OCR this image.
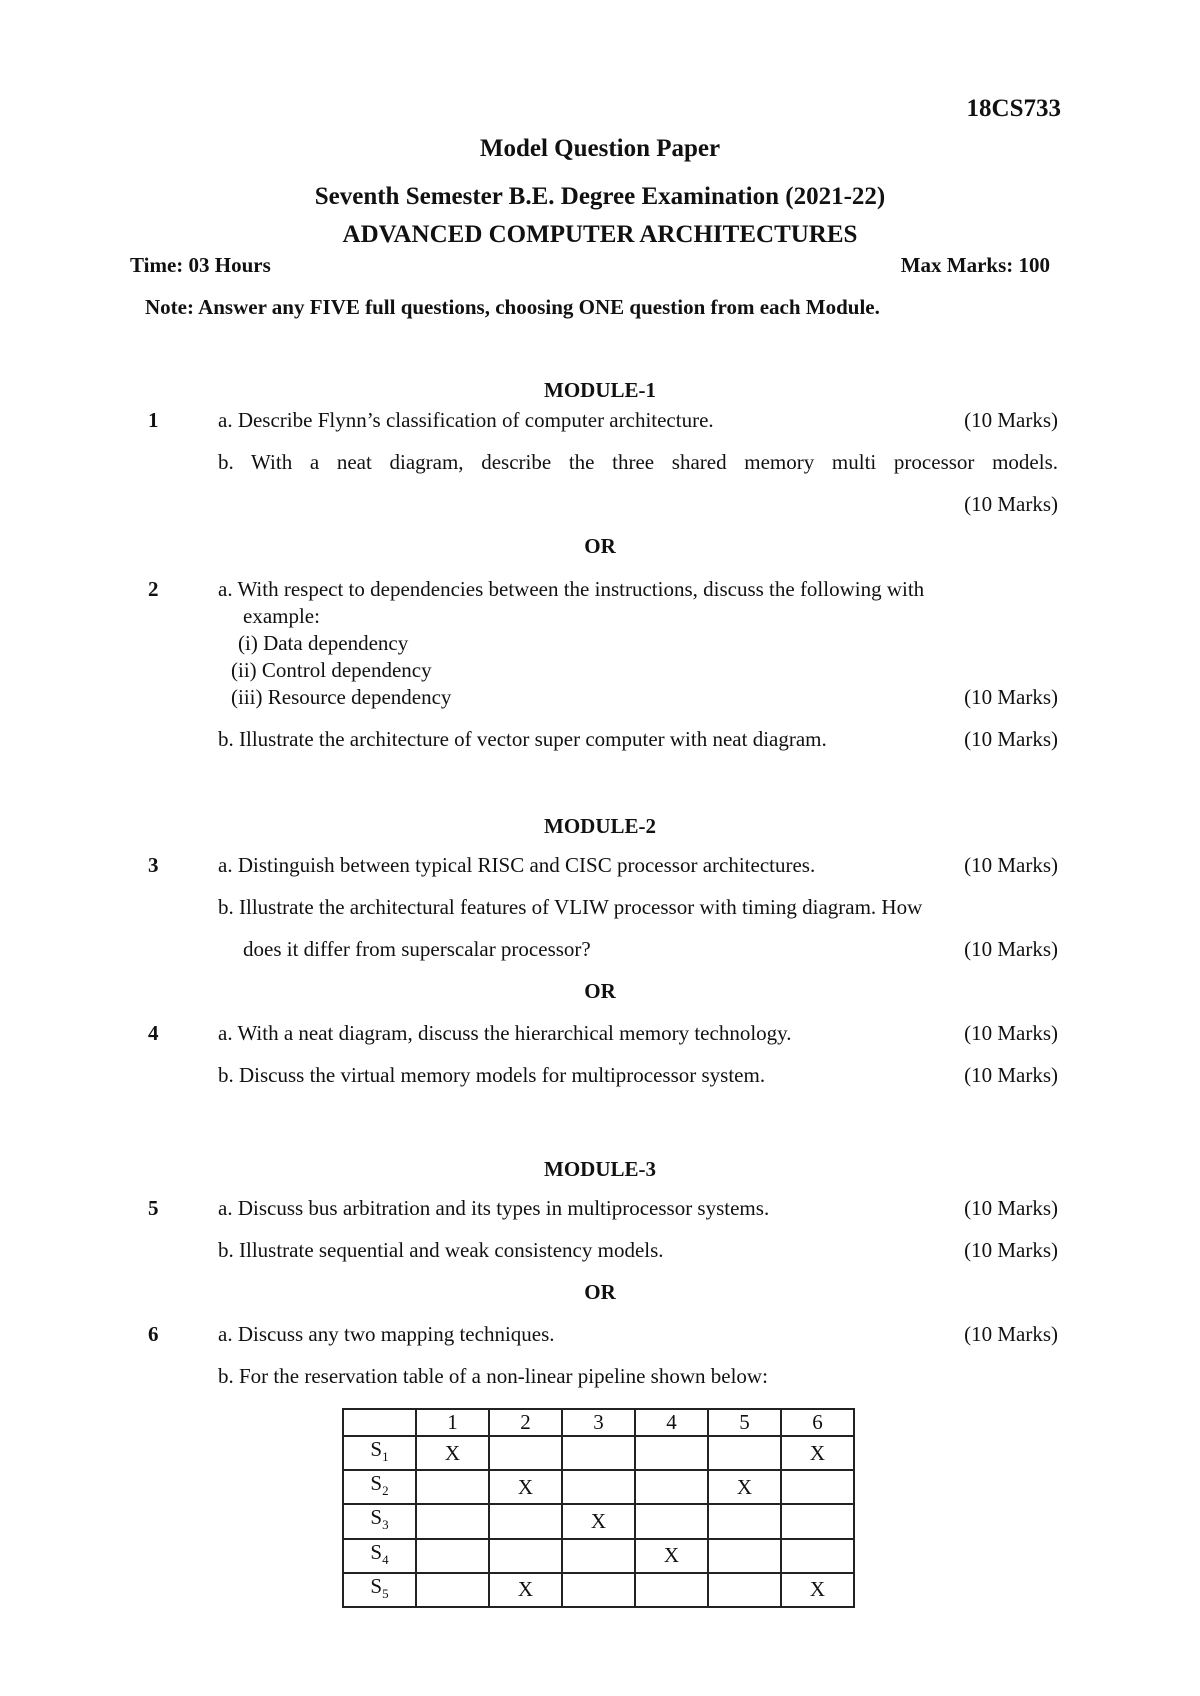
18CS733
Model Question Paper
Seventh Semester B.E. Degree Examination (2021-22)
ADVANCED COMPUTER ARCHITECTURES
Time: 03 Hours	Max Marks: 100
Note: Answer any FIVE full questions, choosing ONE question from each Module.
MODULE-1
1	a. Describe Flynn’s classification of computer architecture.	(10 Marks)
b. With a neat diagram, describe the three shared memory multi processor models.
(10 Marks)
OR
2	a. With respect to dependencies between the instructions, discuss the following with
example:
(i) Data dependency
(ii) Control dependency
(iii) Resource dependency	(10 Marks)
b. Illustrate the architecture of vector super computer with neat diagram.	(10 Marks)
MODULE-2
3	a. Distinguish between typical RISC and CISC processor architectures.	(10 Marks)
b. Illustrate the architectural features of VLIW processor with timing diagram. How
does it differ from superscalar processor?	(10 Marks)
OR
4	a. With a neat diagram, discuss the hierarchical memory technology.	(10 Marks)
b. Discuss the virtual memory models for multiprocessor system.	(10 Marks)
MODULE-3
5	a. Discuss bus arbitration and its types in multiprocessor systems.	(10 Marks)
b. Illustrate sequential and weak consistency models.	(10 Marks)
OR
6	a. Discuss any two mapping techniques.	(10 Marks)
b. For the reservation table of a non-linear pipeline shown below:
	1	2	3	4	5	6
$S_1$	X					X
$S_2$		X			X	
$S_3$			X			
$S_4$				X		
$S_5$		X				X
